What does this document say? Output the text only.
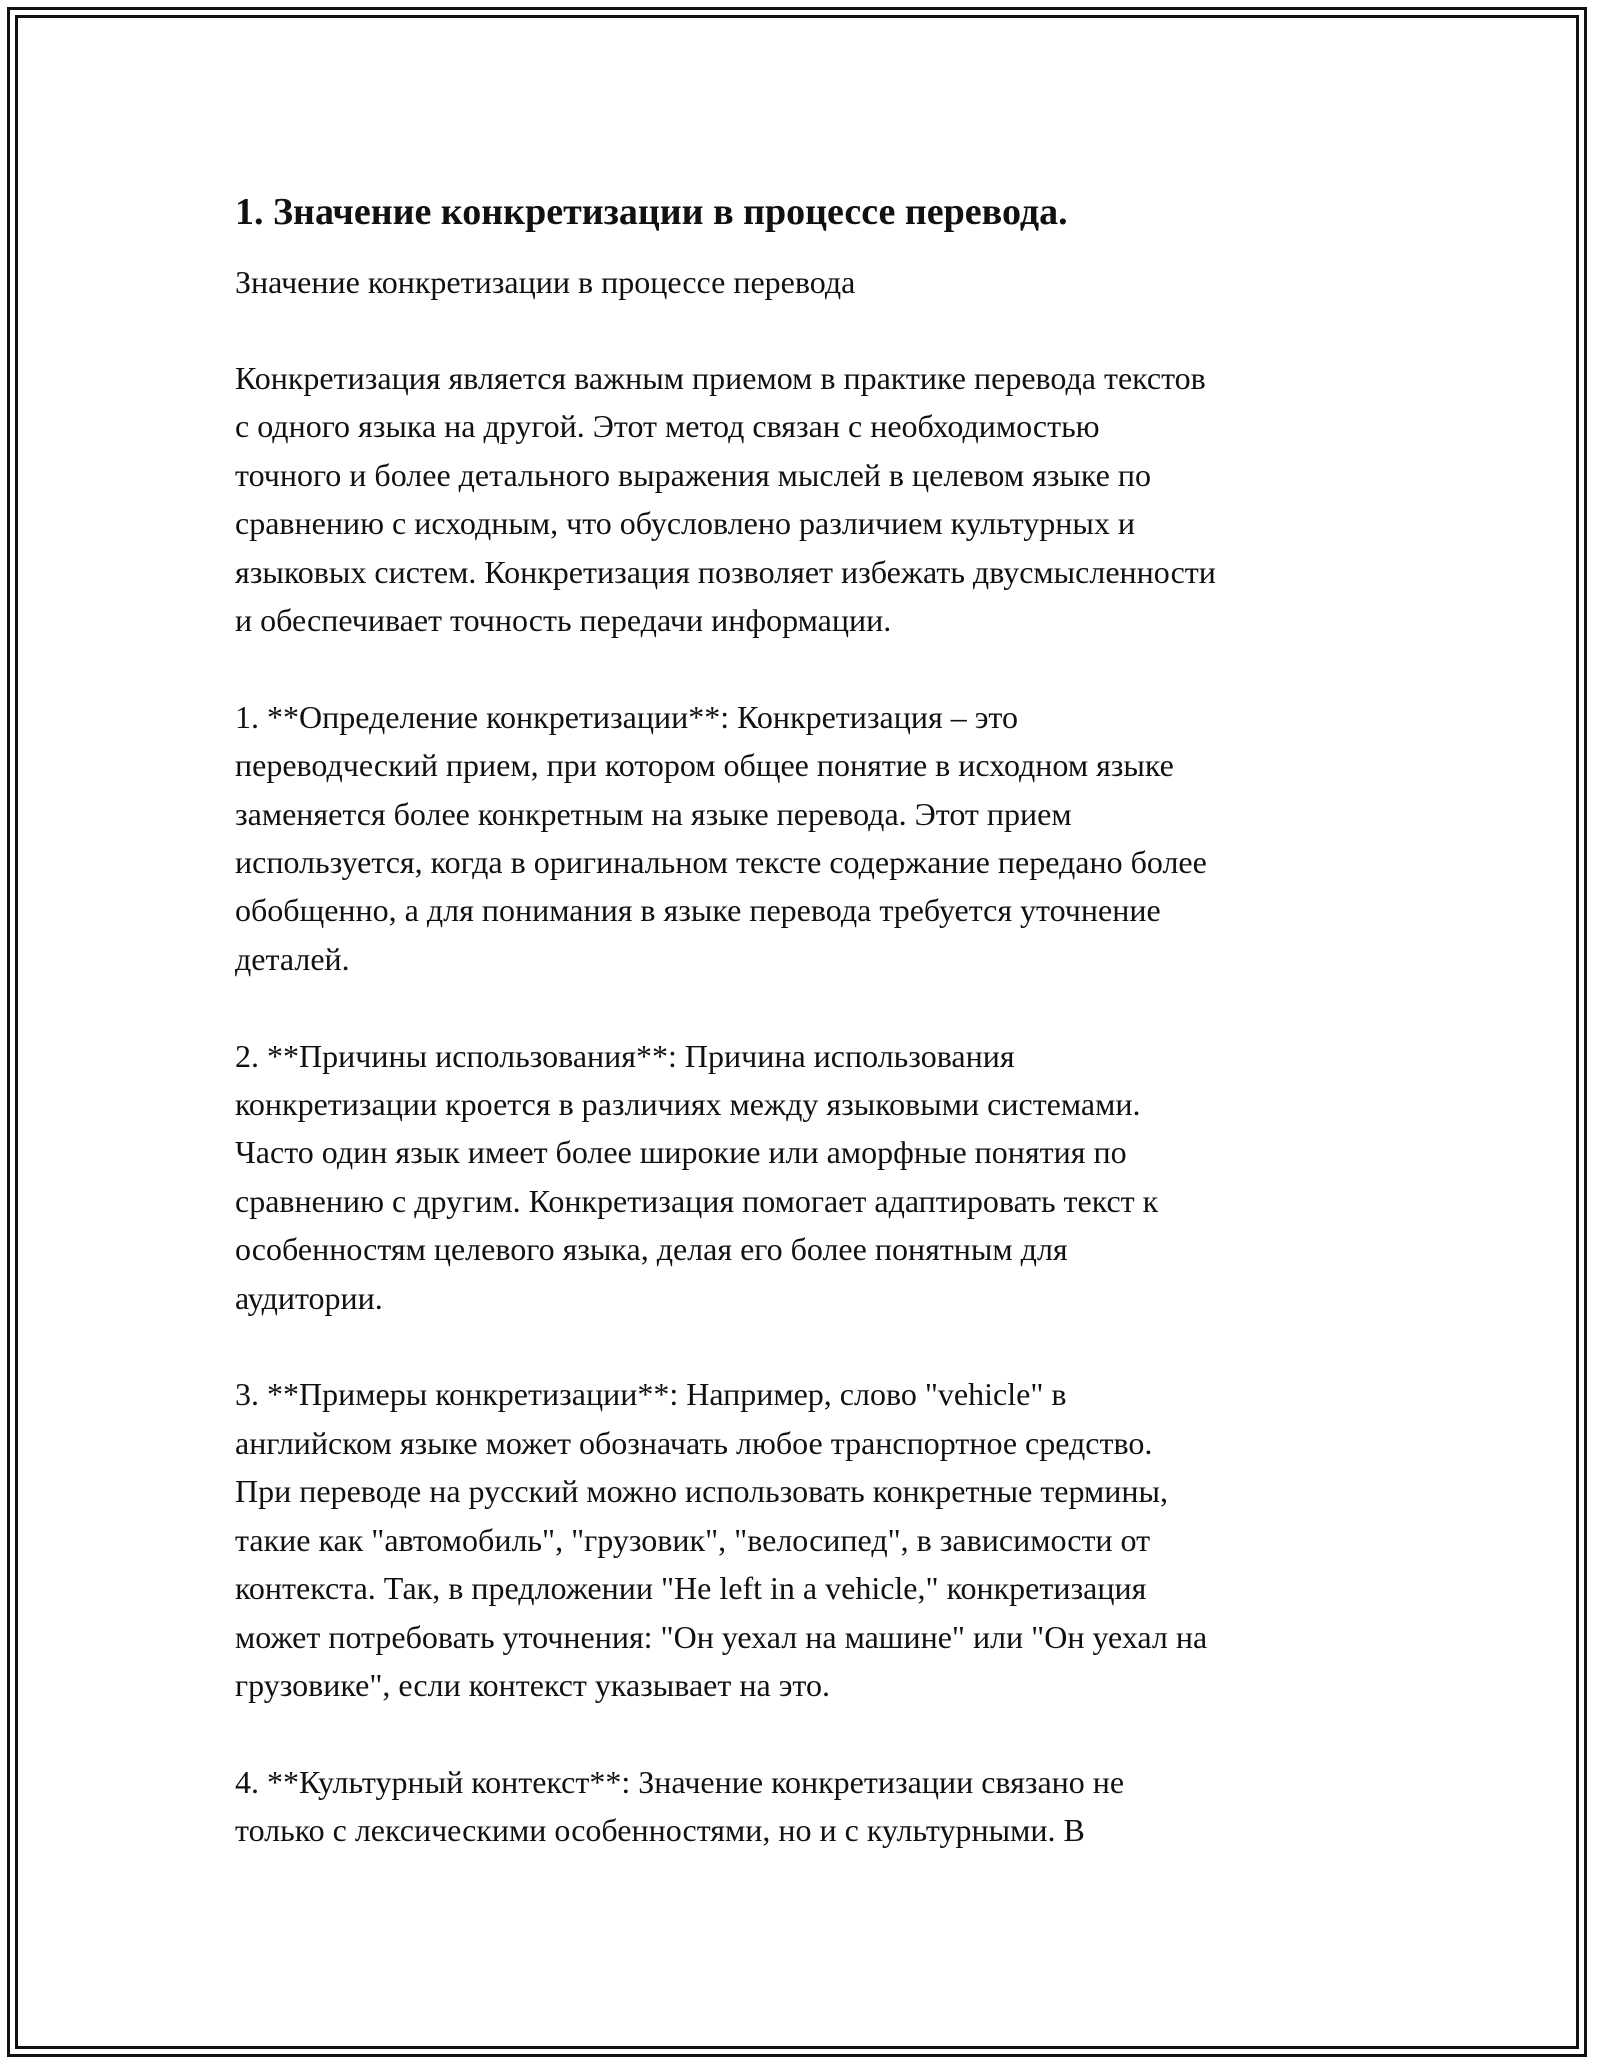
1. Значение конкретизации в процессе перевода.
Значение конкретизации в процессе перевода
Конкретизация является важным приемом в практике перевода текстов
с одного языка на другой. Этот метод связан с необходимостью
точного и более детального выражения мыслей в целевом языке по
сравнению с исходным, что обусловлено различием культурных и
языковых систем. Конкретизация позволяет избежать двусмысленности
и обеспечивает точность передачи информации.
1. **Определение конкретизации**: Конкретизация – это
переводческий прием, при котором общее понятие в исходном языке
заменяется более конкретным на языке перевода. Этот прием
используется, когда в оригинальном тексте содержание передано более
обобщенно, а для понимания в языке перевода требуется уточнение
деталей.
2. **Причины использования**: Причина использования
конкретизации кроется в различиях между языковыми системами.
Часто один язык имеет более широкие или аморфные понятия по
сравнению с другим. Конкретизация помогает адаптировать текст к
особенностям целевого языка, делая его более понятным для
аудитории.
3. **Примеры конкретизации**: Например, слово "vehicle" в
английском языке может обозначать любое транспортное средство.
При переводе на русский можно использовать конкретные термины,
такие как "автомобиль", "грузовик", "велосипед", в зависимости от
контекста. Так, в предложении "He left in a vehicle," конкретизация
может потребовать уточнения: "Он уехал на машине" или "Он уехал на
грузовике", если контекст указывает на это.
4. **Культурный контекст**: Значение конкретизации связано не
только с лексическими особенностями, но и с культурными. В
